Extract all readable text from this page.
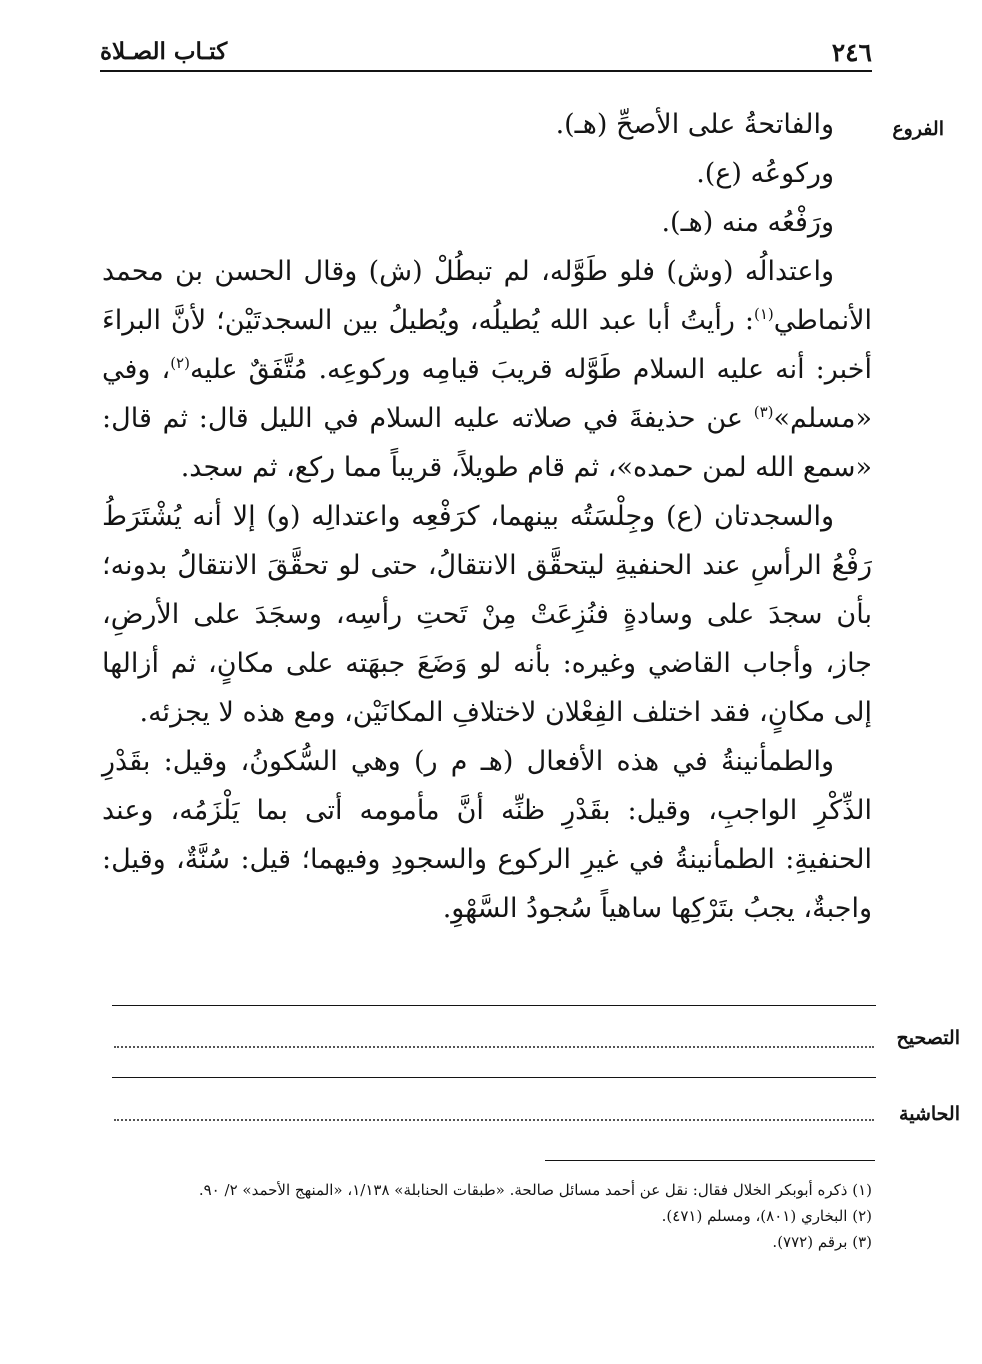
٢٤٦
كتـاب الصـلاة
الفروع

والفاتحةُ على الأصحِّ (هـ).

وركوعُه (ع).

ورَفْعُه منه (هـ).

واعتدالُه (وش) فلو طَوَّله، لم تبطُلْ (ش) وقال الحسن بن محمد الأنماطي$^{(١)}$: رأيتُ أبا عبد الله يُطيلُه، ويُطيلُ بين السجدتَيْن؛ لأنَّ البراءَ أخبر: أنه عليه السلام طَوَّله قريبَ قيامِه وركوعِه. مُتَّفَقٌ عليه$^{(٢)}$، وفي «مسلم»$^{(٣)}$ عن حذيفةَ في صلاته عليه السلام في الليل قال: ثم قال: «سمع الله لمن حمده»، ثم قام طويلاً، قريباً مما ركع، ثم سجد.

والسجدتان (ع) وجِلْسَتُه بينهما، كرَفْعِه واعتدالِه (و) إلا أنه يُشْتَرَطُ رَفْعُ الرأسِ عند الحنفيةِ ليتحقَّق الانتقالُ، حتى لو تحقَّقَ الانتقالُ بدونه؛ بأن سجدَ على وسادةٍ فنُزِعَتْ مِنْ تَحتِ رأسِه، وسجَدَ على الأرضِ، جاز، وأجاب القاضي وغيره: بأنه لو وَضَعَ جبهَته على مكانٍ، ثم أزالها إلى مكانٍ، فقد اختلف الفِعْلان لاختلافِ المكانَيْن، ومع هذه لا يجزئه.

والطمأنينةُ في هذه الأفعال (هـ م ر) وهي السُّكونُ، وقيل: بقَدْرِ الذِّكْرِ الواجبِ، وقيل: بقَدْرِ ظنِّه أنَّ مأمومه أتى بما يَلْزَمُه، وعند الحنفيةِ: الطمأنينةُ في غيرِ الركوع والسجودِ وفيهما؛ قيل: سُنَّةٌ، وقيل: واجبةٌ، يجبُ بتَرْكِها ساهياً سُجودُ السَّهْوِ.

التصحيح
الحاشية

(١) ذكره أبوبكر الخلال فقال: نقل عن أحمد مسائل صالحة. «طبقات الحنابلة» ١/١٣٨، «المنهج الأحمد» ٢/ ٩٠.

(٢) البخاري (٨٠١)، ومسلم (٤٧١).

(٣) برقم (٧٧٢).
